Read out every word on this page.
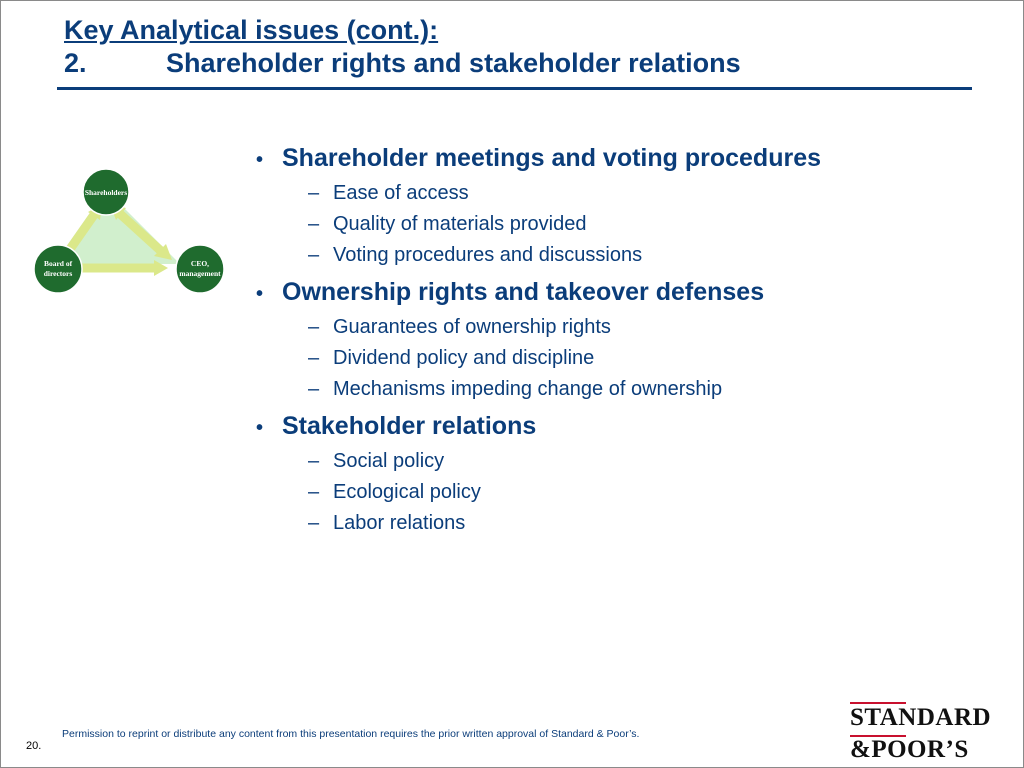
Key Analytical issues (cont.):
2.	Shareholder rights and stakeholder relations
Shareholders
Board of
directors
CEO,
management
• Shareholder meetings and voting procedures
– Ease of access
– Quality of materials provided
– Voting procedures and discussions
• Ownership rights and takeover defenses
– Guarantees of ownership rights
– Dividend policy and discipline
– Mechanisms impeding change of ownership
• Stakeholder relations
– Social policy
– Ecological policy
– Labor relations
Permission to reprint or distribute any content from this presentation requires the prior written approval of Standard & Poor’s.
20.
STANDARD
&POOR’S
